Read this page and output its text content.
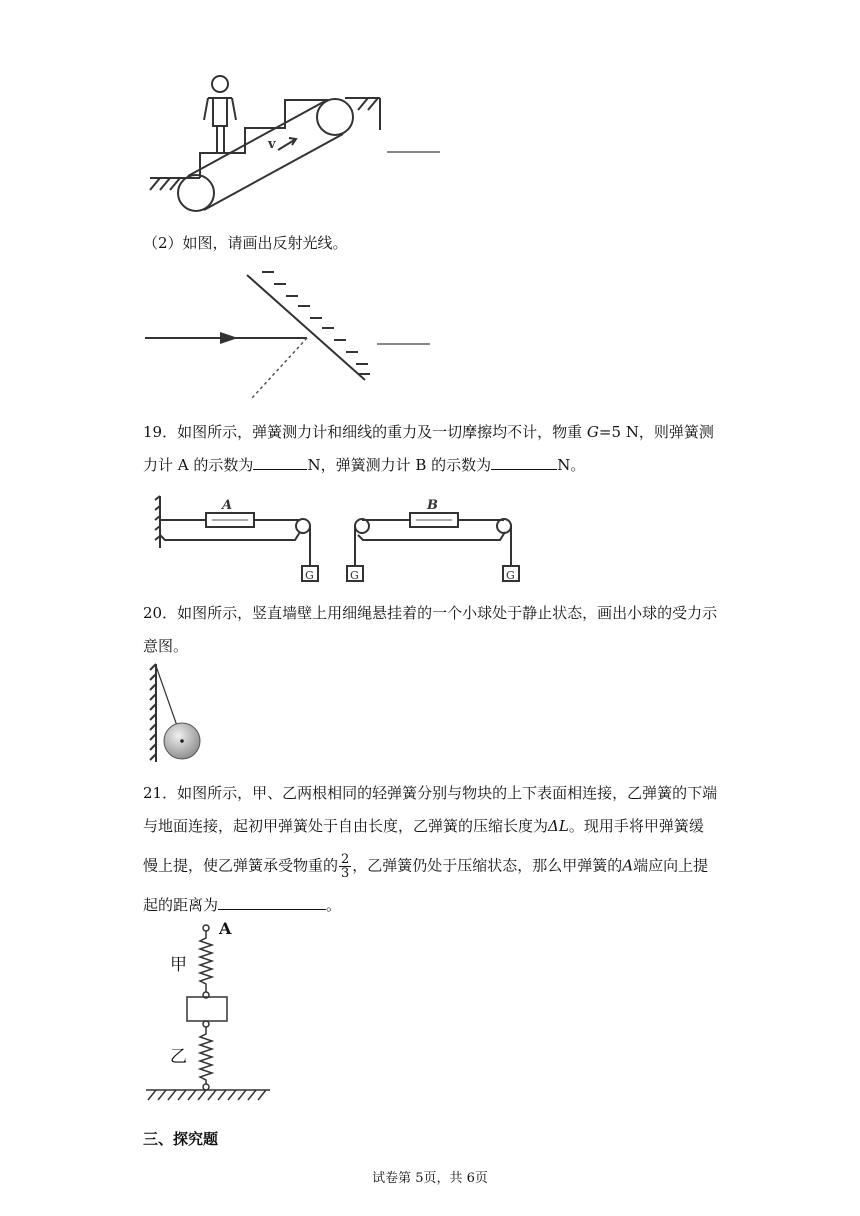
v
（2）如图，请画出反射光线。
19．如图所示，弹簧测力计和细线的重力及一切摩擦均不计，物重 G=5 N，则弹簧测
力计 A 的示数为	N，弹簧测力计 B 的示数为	N。
A	B
G	G	G
20．如图所示，竖直墙壁上用细绳悬挂着的一个小球处于静止状态，画出小球的受力示
意图。
21．如图所示，甲、乙两根相同的轻弹簧分别与物块的上下表面相连接，乙弹簧的下端
与地面连接，起初甲弹簧处于自由长度，乙弹簧的压缩长度为ΔL。现用手将甲弹簧缓
慢上提，使乙弹簧承受物重的 $\frac{2}{3}$ ，乙弹簧仍处于压缩状态，那么甲弹簧的A端应向上提
起的距离为	。
A
甲
乙
三、探究题
试卷第 5页，共 6页
